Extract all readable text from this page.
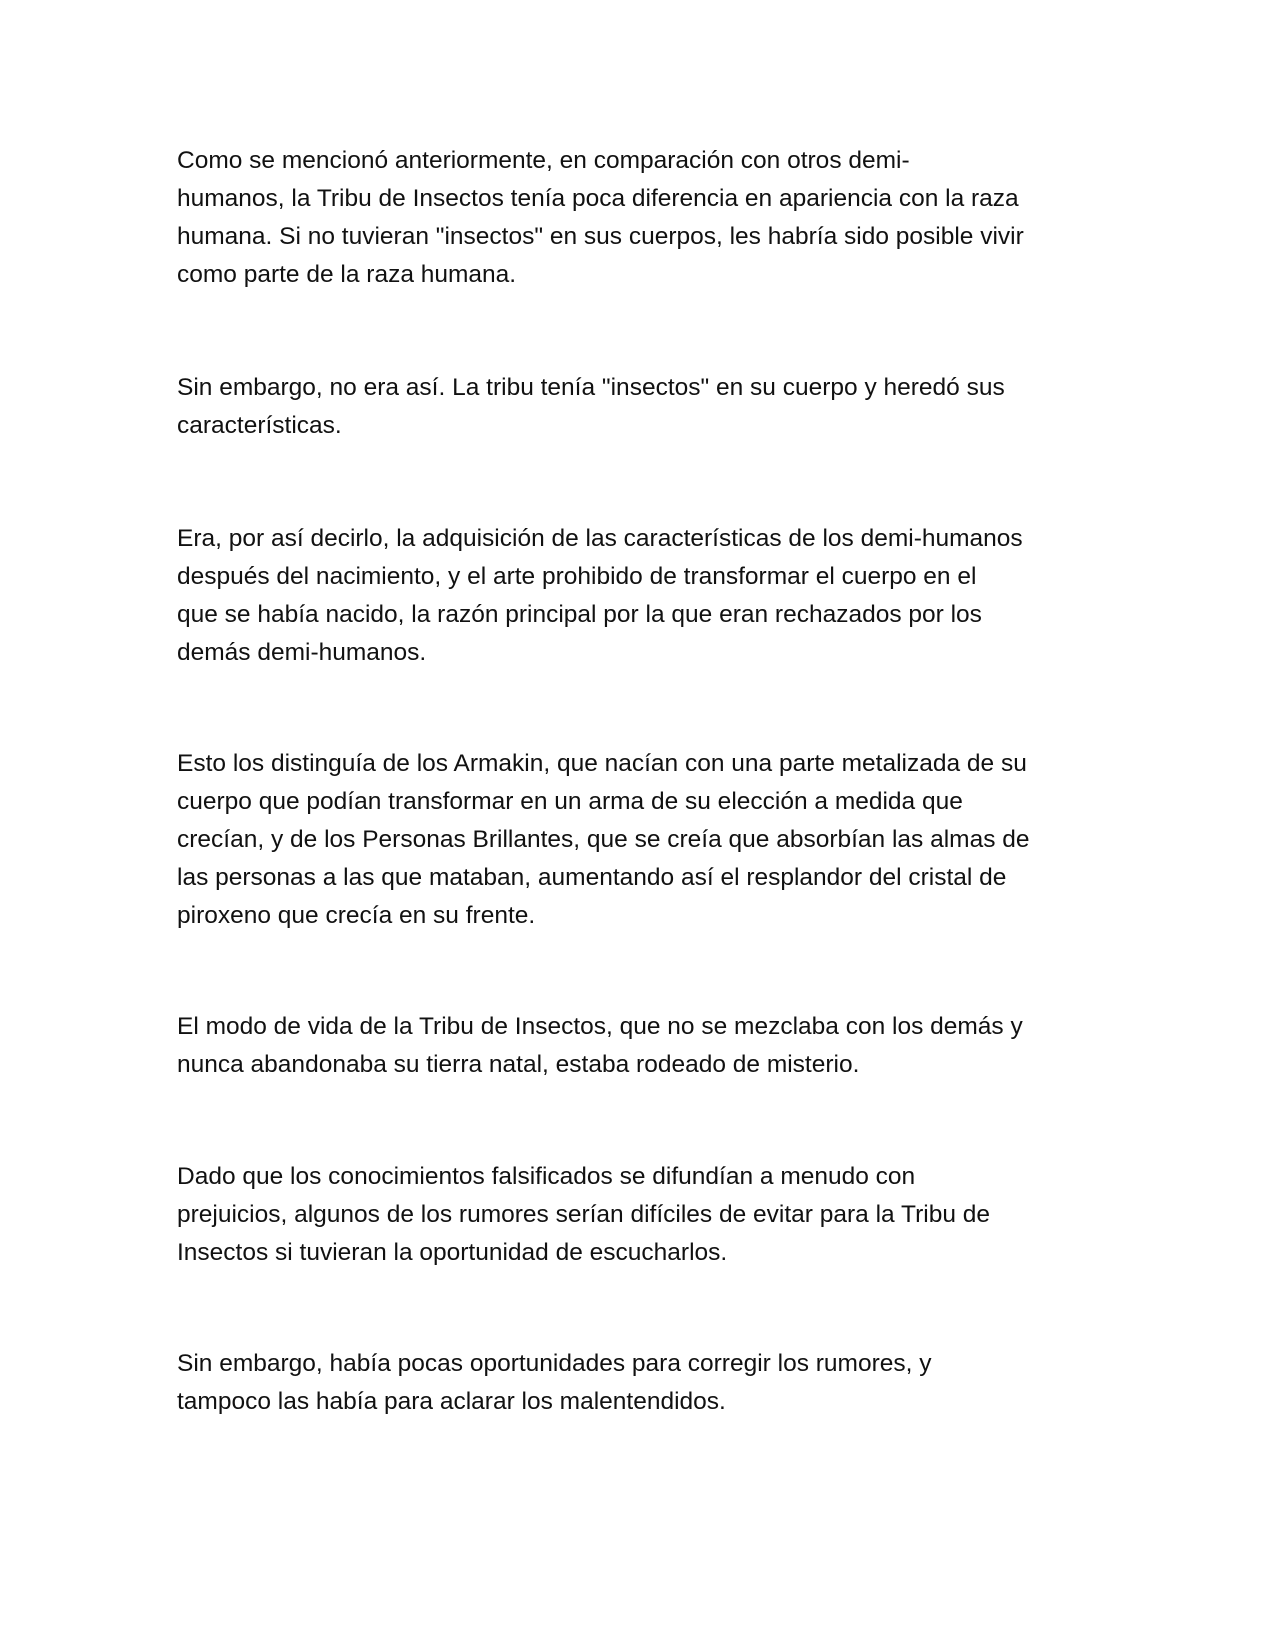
Como se mencionó anteriormente, en comparación con otros demi-
humanos, la Tribu de Insectos tenía poca diferencia en apariencia con la raza
humana. Si no tuvieran "insectos" en sus cuerpos, les habría sido posible vivir
como parte de la raza humana.

Sin embargo, no era así. La tribu tenía "insectos" en su cuerpo y heredó sus
características.

Era, por así decirlo, la adquisición de las características de los demi-humanos
después del nacimiento, y el arte prohibido de transformar el cuerpo en el
que se había nacido, la razón principal por la que eran rechazados por los
demás demi-humanos.

Esto los distinguía de los Armakin, que nacían con una parte metalizada de su
cuerpo que podían transformar en un arma de su elección a medida que
crecían, y de los Personas Brillantes, que se creía que absorbían las almas de
las personas a las que mataban, aumentando así el resplandor del cristal de
piroxeno que crecía en su frente.

El modo de vida de la Tribu de Insectos, que no se mezclaba con los demás y
nunca abandonaba su tierra natal, estaba rodeado de misterio.

Dado que los conocimientos falsificados se difundían a menudo con
prejuicios, algunos de los rumores serían difíciles de evitar para la Tribu de
Insectos si tuvieran la oportunidad de escucharlos.

Sin embargo, había pocas oportunidades para corregir los rumores, y
tampoco las había para aclarar los malentendidos.
